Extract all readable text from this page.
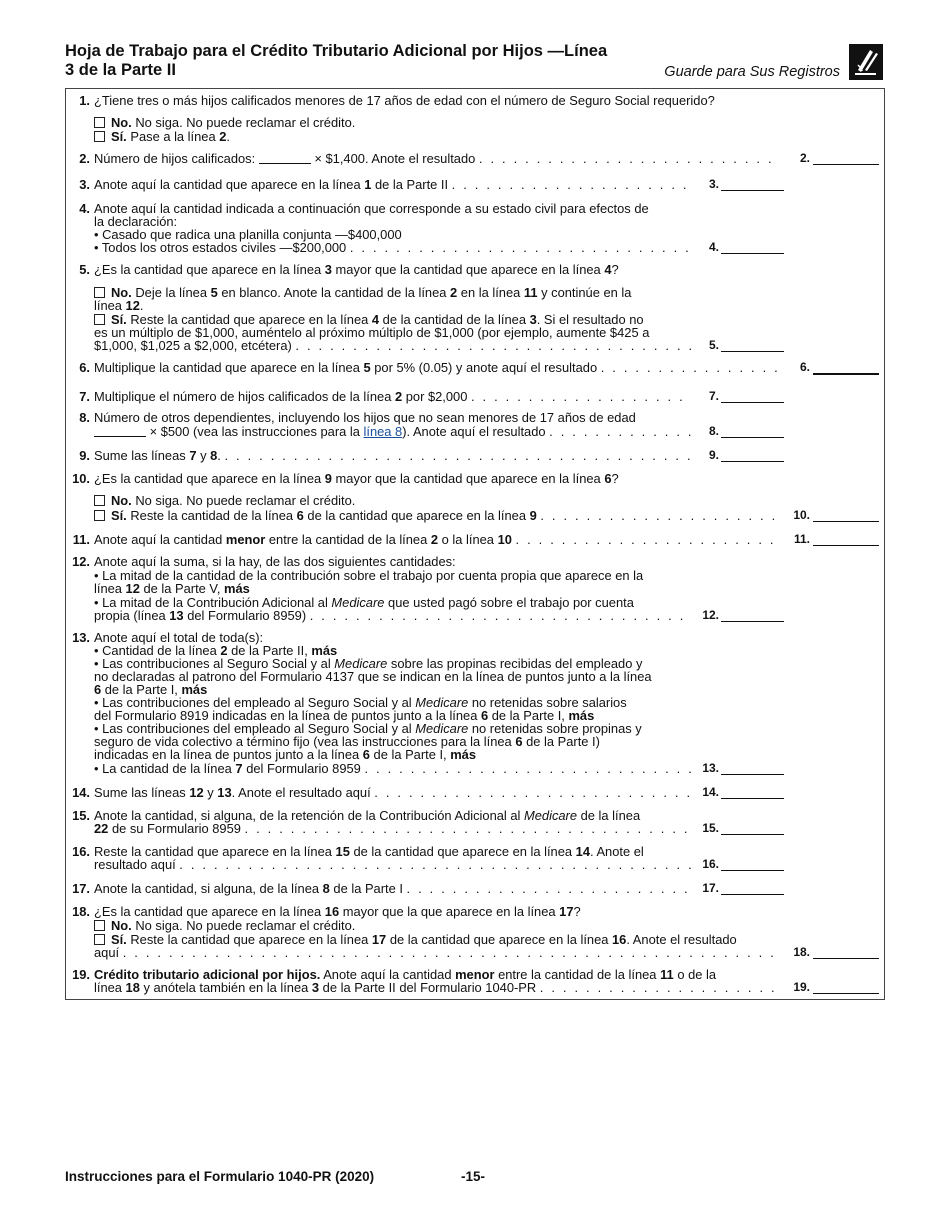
Hoja de Trabajo para el Crédito Tributario Adicional por Hijos —Línea
3 de la Parte II	Guarde para Sus Registros
1. ¿Tiene tres o más hijos calificados menores de 17 años de edad con el número de Seguro Social requerido?
No. No siga. No puede reclamar el crédito.
Sí. Pase a la línea 2.
2. Número de hijos calificados:	× $1,400. Anote el resultado . . . . . . . . . . . . . . . . . . . . . . . . . .	2.
3. Anote aquí la cantidad que aparece en la línea 1 de la Parte II . . . . . . . . . . . . . . . . . . . . .	3.
4. Anote aquí la cantidad indicada a continuación que corresponde a su estado civil para efectos de
la declaración:
• Casado que radica una planilla conjunta —$400,000
• Todos los otros estados civiles —$200,000 . . . . . . . . . . . . . . . . . . . . . . . . . . . . . .	4.
5. ¿Es la cantidad que aparece en la línea 3 mayor que la cantidad que aparece en la línea 4?
No. Deje la línea 5 en blanco. Anote la cantidad de la línea 2 en la línea 11 y continúe en la
línea 12.
Sí. Reste la cantidad que aparece en la línea 4 de la cantidad de la línea 3. Si el resultado no
es un múltiplo de $1,000, auméntelo al próximo múltiplo de $1,000 (por ejemplo, aumente $425 a
$1,000, $1,025 a $2,000, etcétera) . . . . . . . . . . . . . . . . . . . . . . . . . . . . . . . . . . .	5.
6. Multiplique la cantidad que aparece en la línea 5 por 5% (0.05) y anote aquí el resultado . . . . . . . . . . . . . . . .	6.
7. Multiplique el número de hijos calificados de la línea 2 por $2,000 . . . . . . . . . . . . . . . . . . .	7.
8. Número de otros dependientes, incluyendo los hijos que no sean menores de 17 años de edad
× $500 (vea las instrucciones para la línea 8). Anote aquí el resultado . . . . . . . . . . . . .	8.
9. Sume las líneas 7 y 8. . . . . . . . . . . . . . . . . . . . . . . . . . . . . . . . . . . . . . . . . .	9.
10. ¿Es la cantidad que aparece en la línea 9 mayor que la cantidad que aparece en la línea 6?
No. No siga. No puede reclamar el crédito.
Sí. Reste la cantidad de la línea 6 de la cantidad que aparece en la línea 9 . . . . . . . . . . . . . . . . . . . . .	10.
11. Anote aquí la cantidad menor entre la cantidad de la línea 2 o la línea 10 . . . . . . . . . . . . . . . . . . . . . . .	11.
12. Anote aquí la suma, si la hay, de las dos siguientes cantidades:
• La mitad de la cantidad de la contribución sobre el trabajo por cuenta propia que aparece en la
línea 12 de la Parte V, más
• La mitad de la Contribución Adicional al Medicare que usted pagó sobre el trabajo por cuenta
propia (línea 13 del Formulario 8959) . . . . . . . . . . . . . . . . . . . . . . . . . . . . . . . . .	12.
13. Anote aquí el total de toda(s):
• Cantidad de la línea 2 de la Parte II, más
• Las contribuciones al Seguro Social y al Medicare sobre las propinas recibidas del empleado y
no declaradas al patrono del Formulario 4137 que se indican en la línea de puntos junto a la línea
6 de la Parte I, más
• Las contribuciones del empleado al Seguro Social y al Medicare no retenidas sobre salarios
del Formulario 8919 indicadas en la línea de puntos junto a la línea 6 de la Parte I, más
• Las contribuciones del empleado al Seguro Social y al Medicare no retenidas sobre propinas y
seguro de vida colectivo a término fijo (vea las instrucciones para la línea 6 de la Parte I)
indicadas en la línea de puntos junto a la línea 6 de la Parte I, más
• La cantidad de la línea 7 del Formulario 8959 . . . . . . . . . . . . . . . . . . . . . . . . . . . . . 13.
14. Sume las líneas 12 y 13. Anote el resultado aquí . . . . . . . . . . . . . . . . . . . . . . . . . . . . 14.
15. Anote la cantidad, si alguna, de la retención de la Contribución Adicional al Medicare de la línea
22 de su Formulario 8959 . . . . . . . . . . . . . . . . . . . . . . . . . . . . . . . . . . . . . . .	15.
16. Reste la cantidad que aparece en la línea 15 de la cantidad que aparece en la línea 14. Anote el
resultado aquí . . . . . . . . . . . . . . . . . . . . . . . . . . . . . . . . . . . . . . . . . . . . . 16.
17. Anote la cantidad, si alguna, de la línea 8 de la Parte I . . . . . . . . . . . . . . . . . . . . . . . . .	17.
18. ¿Es la cantidad que aparece en la línea 16 mayor que la que aparece en la línea 17?
No. No siga. No puede reclamar el crédito.
Sí. Reste la cantidad que aparece en la línea 17 de la cantidad que aparece en la línea 16. Anote el resultado
aquí . . . . . . . . . . . . . . . . . . . . . . . . . . . . . . . . . . . . . . . . . . . . . . . . . . . . . . . . .	18.
19. Crédito tributario adicional por hijos. Anote aquí la cantidad menor entre la cantidad de la línea 11 o de la
línea 18 y anótela también en la línea 3 de la Parte II del Formulario 1040-PR . . . . . . . . . . . . . . . . . . . . .	19.
Instrucciones para el Formulario 1040-PR (2020)	-15-
